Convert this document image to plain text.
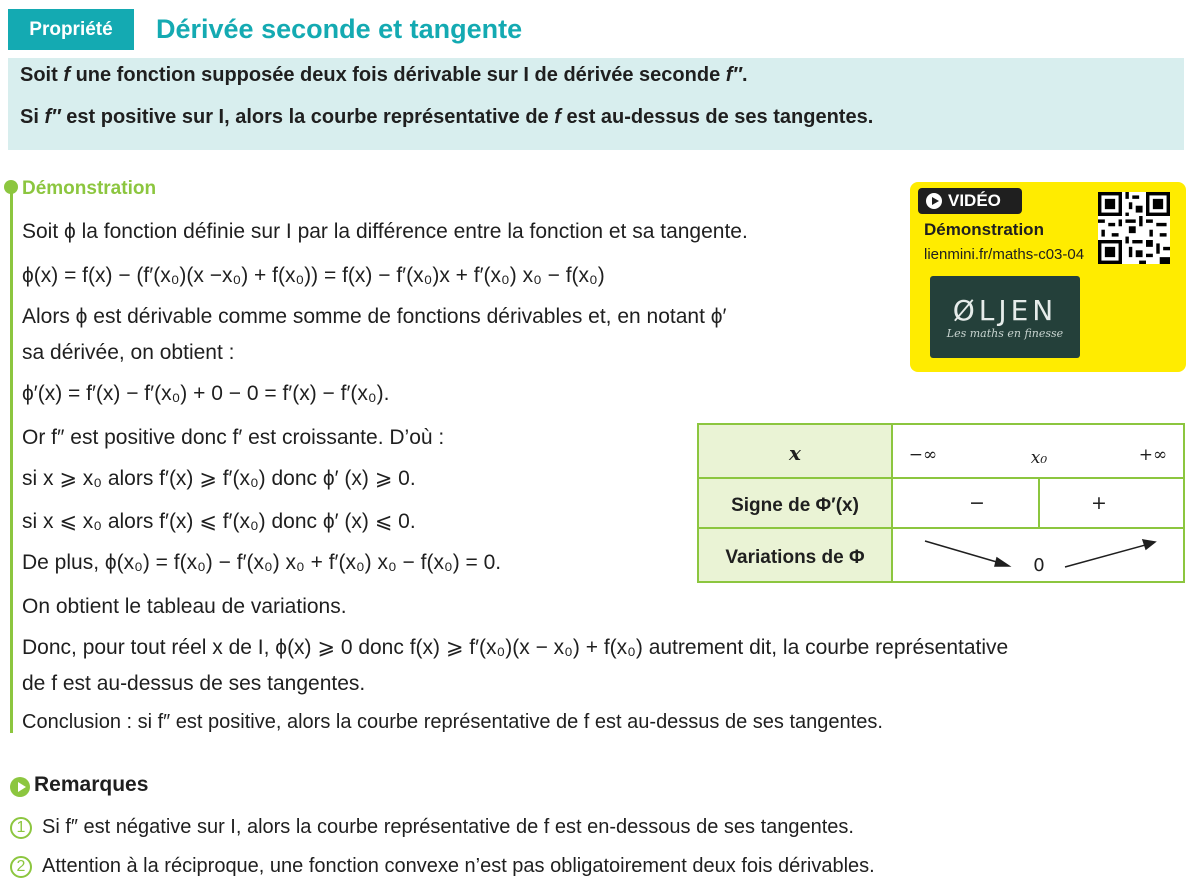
Propriété	Dérivée seconde et tangente
Soit f une fonction supposée deux fois dérivable sur I de dérivée seconde f″.
Si f″ est positive sur I, alors la courbe représentative de f est au-dessus de ses tangentes.
Démonstration
Soit ϕ la fonction définie sur I par la différence entre la fonction et sa tangente.
ϕ(x) = f(x) − (f′(x₀)(x −x₀) + f(x₀)) = f(x) − f′(x₀)x + f′(x₀) x₀ − f(x₀)
Alors ϕ est dérivable comme somme de fonctions dérivables et, en notant ϕ′
sa dérivée, on obtient :
ϕ′(x) = f′(x) − f′(x₀) + 0 − 0 = f′(x) − f′(x₀).
Or f″ est positive donc f′ est croissante. D’où :
si x ⩾ x₀ alors f′(x) ⩾ f′(x₀) donc ϕ′ (x) ⩾ 0.
si x ⩽ x₀ alors f′(x) ⩽ f′(x₀) donc ϕ′ (x) ⩽ 0.
De plus, ϕ(x₀) = f(x₀) − f′(x₀) x₀ + f′(x₀) x₀ − f(x₀) = 0.
On obtient le tableau de variations.
Donc, pour tout réel x de I, ϕ(x) ⩾ 0 donc f(x) ⩾ f′(x₀)(x − x₀) + f(x₀) autrement dit, la courbe représentative
de f est au-dessus de ses tangentes.
Conclusion : si f″ est positive, alors la courbe représentative de f est au-dessus de ses tangentes.
VIDÉO
Démonstration
lienmini.fr/maths-c03-04
ØLJEN
Les maths en finesse
x	−∞	x₀	+∞
Signe de Φ′(x)	−	+
Variations de Φ	0
Remarques
1 Si f″ est négative sur I, alors la courbe représentative de f est en-dessous de ses tangentes.
2 Attention à la réciproque, une fonction convexe n’est pas obligatoirement deux fois dérivables.
